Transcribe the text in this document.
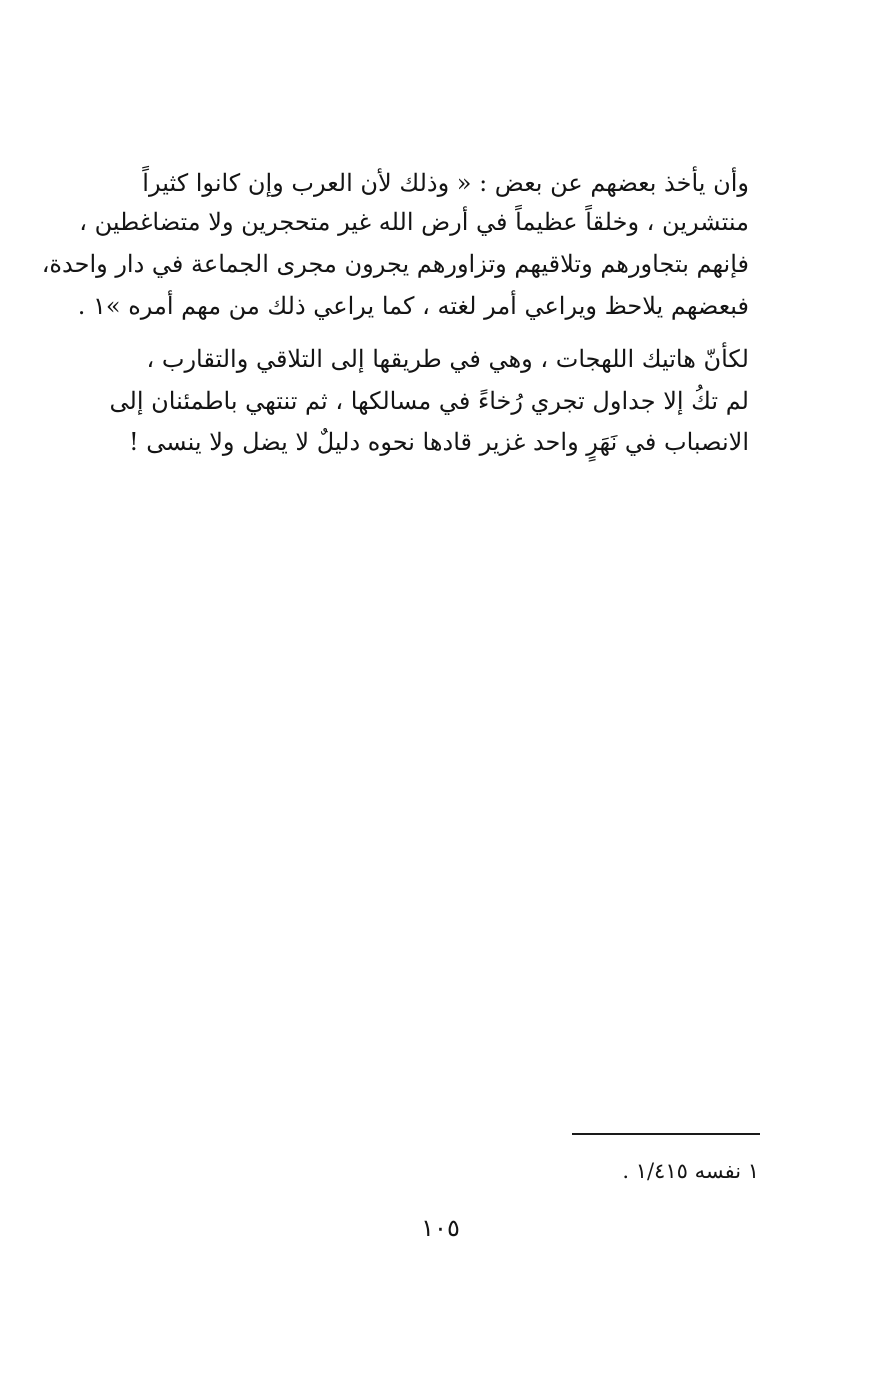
وأن يأخذ بعضهم عن بعض : « وذلك لأن العرب وإن كانوا كثيراً
منتشرين ، وخلقاً عظيماً في أرض الله غير متحجرين ولا متضاغطين ،
فإنهم بتجاورهم وتلاقيهم وتزاورهم يجرون مجرى الجماعة في دار واحدة،
فبعضهم يلاحظ ويراعي أمر لغته ، كما يراعي ذلك من مهم أمره »١ .
لكأنّ هاتيك اللهجات ، وهي في طريقها إلى التلاقي والتقارب ،
لم تكُ إلا جداول تجري رُخاءً في مسالكها ، ثم تنتهي باطمئنان إلى
الانصباب في نَهَرٍ واحد غزير قادها نحوه دليلٌ لا يضل ولا ينسى !
١ نفسه ١/٤١٥ .
١٠٥
